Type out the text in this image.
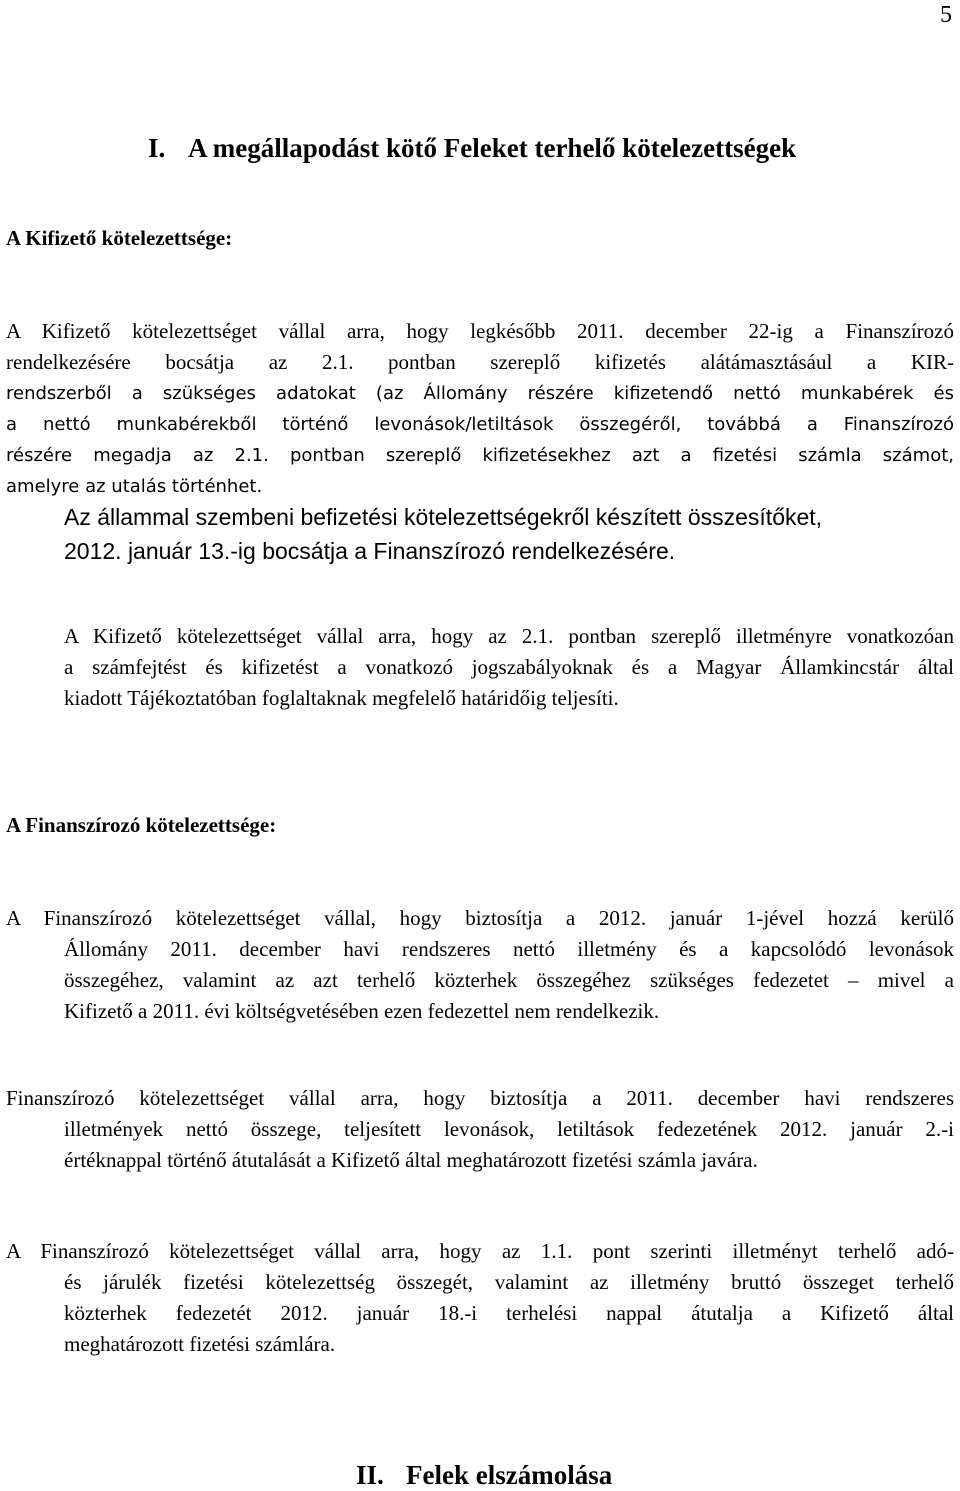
5
I. A megállapodást kötő Feleket terhelő kötelezettségek
A Kifizető kötelezettsége:
A Kifizető kötelezettséget vállal arra, hogy legkésőbb 2011. december 22-ig a Finanszírozó
rendelkezésére bocsátja az 2.1. pontban szereplő kifizetés alátámasztásául a KIR-
rendszerből a szükséges adatokat (az Állomány részére kifizetendő nettó munkabérek és
a nettó munkabérekből történő levonások/letiltások összegéről, továbbá a Finanszírozó
részére megadja az 2.1. pontban szereplő kifizetésekhez azt a fizetési számla számot,
amelyre az utalás történhet.
Az állammal szembeni befizetési kötelezettségekről készített összesítőket,
2012. január 13.-ig bocsátja a Finanszírozó rendelkezésére.
A Kifizető kötelezettséget vállal arra, hogy az 2.1. pontban szereplő illetményre vonatkozóan
a számfejtést és kifizetést a vonatkozó jogszabályoknak és a Magyar Államkincstár által
kiadott Tájékoztatóban foglaltaknak megfelelő határidőig teljesíti.
A Finanszírozó kötelezettsége:
A Finanszírozó kötelezettséget vállal, hogy biztosítja a 2012. január 1-jével hozzá kerülő
Állomány 2011. december havi rendszeres nettó illetmény és a kapcsolódó levonások
összegéhez, valamint az azt terhelő közterhek összegéhez szükséges fedezetet – mivel a
Kifizető a 2011. évi költségvetésében ezen fedezettel nem rendelkezik.
Finanszírozó kötelezettséget vállal arra, hogy biztosítja a 2011. december havi rendszeres
illetmények nettó összege, teljesített levonások, letiltások fedezetének 2012. január 2.-i
értéknappal történő átutalását a Kifizető által meghatározott fizetési számla javára.
A Finanszírozó kötelezettséget vállal arra, hogy az 1.1. pont szerinti illetményt terhelő adó-
és járulék fizetési kötelezettség összegét, valamint az illetmény bruttó összeget terhelő
közterhek fedezetét 2012. január 18.-i terhelési nappal átutalja a Kifizető által
meghatározott fizetési számlára.
II. Felek elszámolása
